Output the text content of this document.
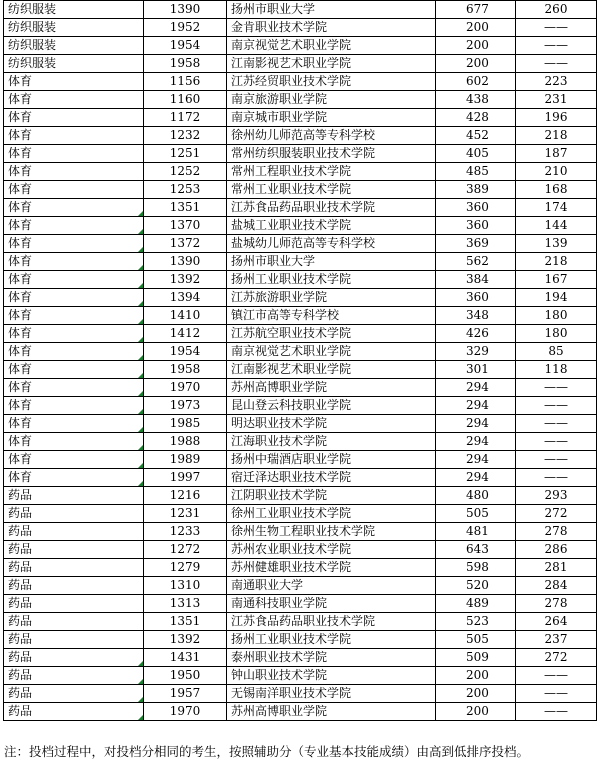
纺织服装	1390	扬州市职业大学	677	260
纺织服装	1952	金肯职业技术学院	200	——
纺织服装	1954	南京视觉艺术职业学院	200	——
纺织服装	1958	江南影视艺术职业学院	200	——
体育	1156	江苏经贸职业技术学院	602	223
体育	1160	南京旅游职业学院	438	231
体育	1172	南京城市职业学院	428	196
体育	1232	徐州幼儿师范高等专科学校	452	218
体育	1251	常州纺织服装职业技术学院	405	187
体育	1252	常州工程职业技术学院	485	210
体育	1253	常州工业职业技术学院	389	168
体育	1351	江苏食品药品职业技术学院	360	174
体育	1370	盐城工业职业技术学院	360	144
体育	1372	盐城幼儿师范高等专科学校	369	139
体育	1390	扬州市职业大学	562	218
体育	1392	扬州工业职业技术学院	384	167
体育	1394	江苏旅游职业学院	360	194
体育	1410	镇江市高等专科学校	348	180
体育	1412	江苏航空职业技术学院	426	180
体育	1954	南京视觉艺术职业学院	329	85
体育	1958	江南影视艺术职业学院	301	118
体育	1970	苏州高博职业学院	294	——
体育	1973	昆山登云科技职业学院	294	——
体育	1985	明达职业技术学院	294	——
体育	1988	江海职业技术学院	294	——
体育	1989	扬州中瑞酒店职业学院	294	——
体育	1997	宿迁泽达职业技术学院	294	——
药品	1216	江阴职业技术学院	480	293
药品	1231	徐州工业职业技术学院	505	272
药品	1233	徐州生物工程职业技术学院	481	278
药品	1272	苏州农业职业技术学院	643	286
药品	1279	苏州健雄职业技术学院	598	281
药品	1310	南通职业大学	520	284
药品	1313	南通科技职业学院	489	278
药品	1351	江苏食品药品职业技术学院	523	264
药品	1392	扬州工业职业技术学院	505	237
药品	1431	泰州职业技术学院	509	272
药品	1950	钟山职业技术学院	200	——
药品	1957	无锡南洋职业技术学院	200	——
药品	1970	苏州高博职业学院	200	——
注：投档过程中，对投档分相同的考生，按照辅助分（专业基本技能成绩）由高到低排序投档。
